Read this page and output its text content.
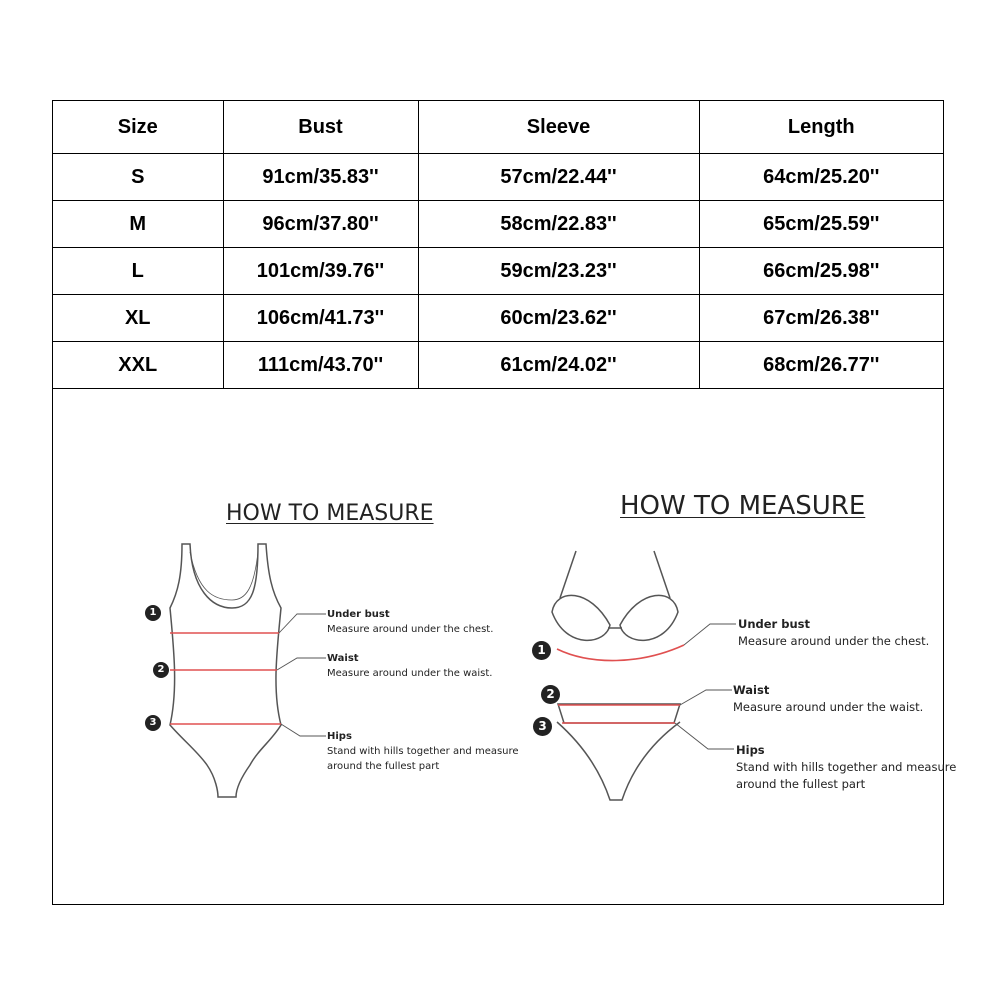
Size	Bust	Sleeve	Length
S	91cm/35.83''	57cm/22.44''	64cm/25.20''
M	96cm/37.80''	58cm/22.83''	65cm/25.59''
L	101cm/39.76''	59cm/23.23''	66cm/25.98''
XL	106cm/41.73''	60cm/23.62''	67cm/26.38''
XXL	111cm/43.70''	61cm/24.02''	68cm/26.77''
HOW TO MEASURE
1
2
3
Under bust
Measure around under the chest.
Waist
Measure around under the waist.
Hips
Stand with hills together and measure
around the fullest part
HOW TO MEASURE
1
2
3
Under bust
Measure around under the chest.
Waist
Measure around under the waist.
Hips
Stand with hills together and measure
around the fullest part
